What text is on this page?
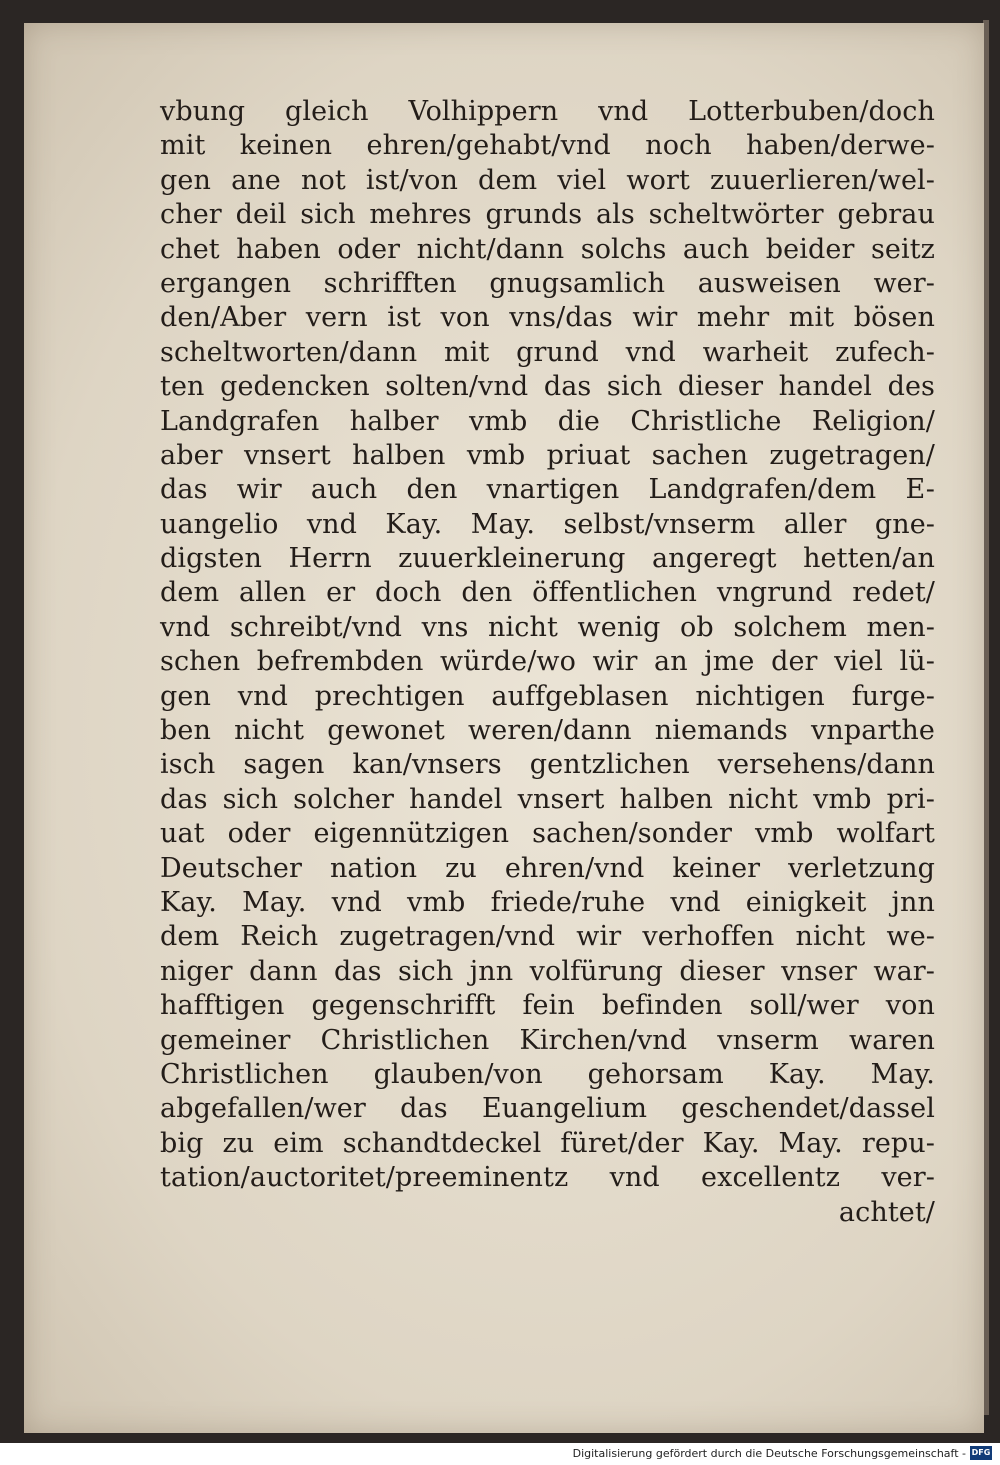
vbung gleich Volhippern vnd Lotterbuben/doch
mit keinen ehren/gehabt/vnd noch haben/derwe-
gen ane not ist/von dem viel wort zuuerlieren/wel-
cher deil sich mehres grunds als scheltwörter gebrau
chet haben oder nicht/dann solchs auch beider seitz
ergangen schrifften gnugsamlich ausweisen wer-
den/Aber vern ist von vns/das wir mehr mit bösen
scheltworten/dann mit grund vnd warheit zufech-
ten gedencken solten/vnd das sich dieser handel des
Landgrafen halber vmb die Christliche Religion/
aber vnsert halben vmb priuat sachen zugetragen/
das wir auch den vnartigen Landgrafen/dem E-
uangelio vnd Kay. May. selbst/vnserm aller gne-
digsten Herrn zuuerkleinerung angeregt hetten/an
dem allen er doch den öffentlichen vngrund redet/
vnd schreibt/vnd vns nicht wenig ob solchem men-
schen befrembden würde/wo wir an jme der viel lü-
gen vnd prechtigen auffgeblasen nichtigen furge-
ben nicht gewonet weren/dann niemands vnparthe
isch sagen kan/vnsers gentzlichen versehens/dann
das sich solcher handel vnsert halben nicht vmb pri-
uat oder eigennützigen sachen/sonder vmb wolfart
Deutscher nation zu ehren/vnd keiner verletzung
Kay. May. vnd vmb friede/ruhe vnd einigkeit jnn
dem Reich zugetragen/vnd wir verhoffen nicht we-
niger dann das sich jnn volfürung dieser vnser war-
hafftigen gegenschrifft fein befinden soll/wer von
gemeiner Christlichen Kirchen/vnd vnserm waren
Christlichen glauben/von gehorsam Kay. May.
abgefallen/wer das Euangelium geschendet/dassel
big zu eim schandtdeckel füret/der Kay. May. repu-
tation/auctoritet/preeminentz vnd excellentz ver-
achtet/
Digitalisierung gefördert durch die Deutsche Forschungsgemeinschaft - DFG
